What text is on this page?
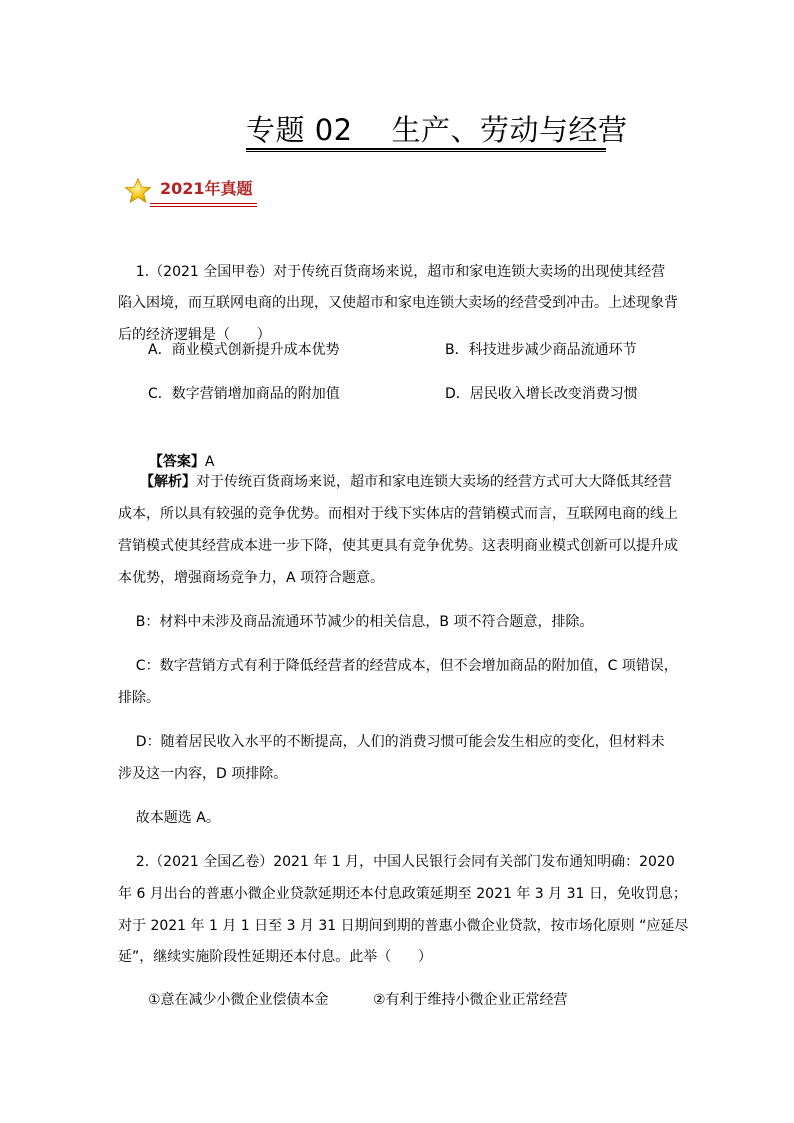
专题 02    生产、劳动与经营
2021年真题
1.（2021 全国甲卷）对于传统百货商场来说，超市和家电连锁大卖场的出现使其经营
陷入困境，而互联网电商的出现，又使超市和家电连锁大卖场的经营受到冲击。上述现象背
后的经济逻辑是（      ）
A．商业模式创新提升成本优势	B．科技进步减少商品流通环节
C．数字营销增加商品的附加值	D．居民收入增长改变消费习惯

【答案】A

【解析】对于传统百货商场来说，超市和家电连锁大卖场的经营方式可大大降低其经营
成本，所以具有较强的竞争优势。而相对于线下实体店的营销模式而言，互联网电商的线上
营销模式使其经营成本进一步下降，使其更具有竞争优势。这表明商业模式创新可以提升成
本优势，增强商场竞争力，A 项符合题意。
B：材料中未涉及商品流通环节减少的相关信息，B 项不符合题意，排除。
C：数字营销方式有利于降低经营者的经营成本，但不会增加商品的附加值，C 项错误，
排除。
D：随着居民收入水平的不断提高，人们的消费习惯可能会发生相应的变化，但材料未
涉及这一内容，D 项排除。
故本题选 A。
2.（2021 全国乙卷）2021 年 1 月，中国人民银行会同有关部门发布通知明确：2020
年 6 月出台的普惠小微企业贷款延期还本付息政策延期至 2021 年 3 月 31 日，免收罚息；
对于 2021 年 1 月 1 日至 3 月 31 日期间到期的普惠小微企业贷款，按市场化原则 “应延尽
延”，继续实施阶段性延期还本付息。此举（      ）
①意在减少小微企业偿债本金	②有利于维持小微企业正常经营
